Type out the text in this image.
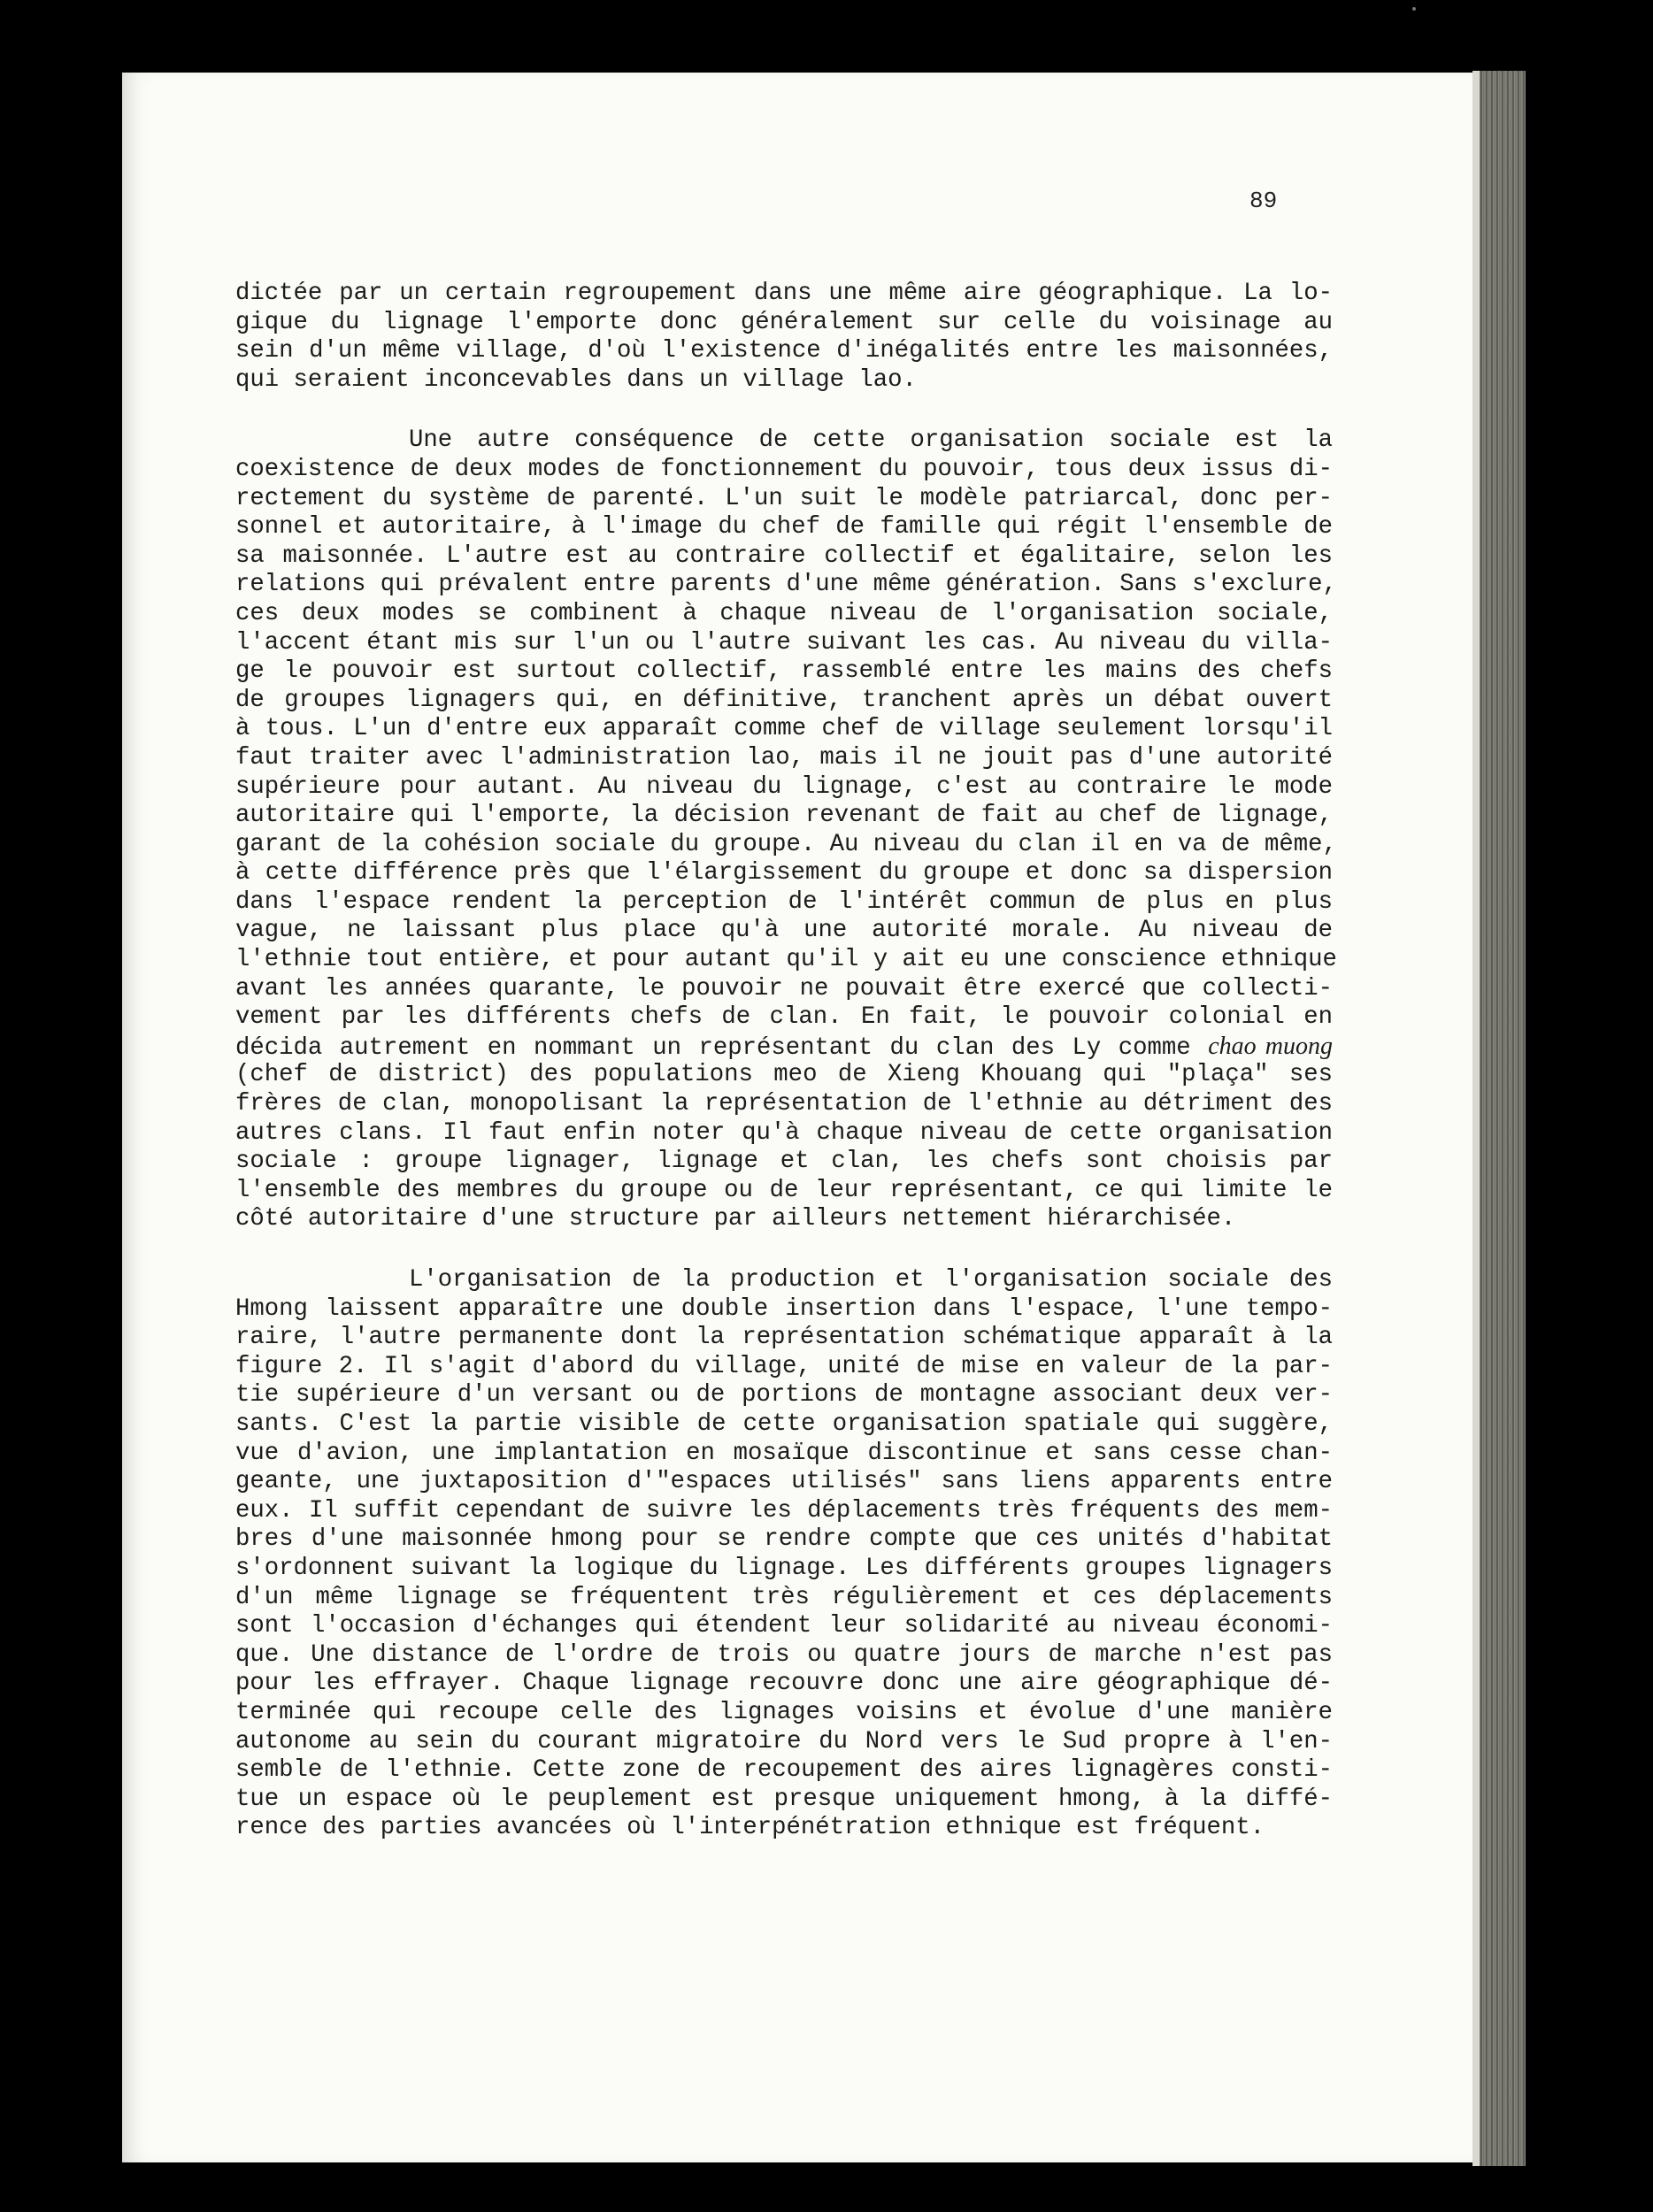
89
dictée par un certain regroupement dans une même aire géographique. La lo-
gique du lignage l'emporte donc généralement sur celle du voisinage au
sein d'un même village, d'où l'existence d'inégalités entre les maisonnées,
qui seraient inconcevables dans un village lao.
Une autre conséquence de cette organisation sociale est la
coexistence de deux modes de fonctionnement du pouvoir, tous deux issus di-
rectement du système de parenté. L'un suit le modèle patriarcal, donc per-
sonnel et autoritaire, à l'image du chef de famille qui régit l'ensemble de
sa maisonnée. L'autre est au contraire collectif et égalitaire, selon les
relations qui prévalent entre parents d'une même génération. Sans s'exclure,
ces deux modes se combinent à chaque niveau de l'organisation sociale,
l'accent étant mis sur l'un ou l'autre suivant les cas. Au niveau du villa-
ge le pouvoir est surtout collectif, rassemblé entre les mains des chefs
de groupes lignagers qui, en définitive, tranchent après un débat ouvert
à tous. L'un d'entre eux apparaît comme chef de village seulement lorsqu'il
faut traiter avec l'administration lao, mais il ne jouit pas d'une autorité
supérieure pour autant. Au niveau du lignage, c'est au contraire le mode
autoritaire qui l'emporte, la décision revenant de fait au chef de lignage,
garant de la cohésion sociale du groupe. Au niveau du clan il en va de même,
à cette différence près que l'élargissement du groupe et donc sa dispersion
dans l'espace rendent la perception de l'intérêt commun de plus en plus
vague, ne laissant plus place qu'à une autorité morale. Au niveau de
l'ethnie tout entière, et pour autant qu'il y ait eu une conscience ethnique
avant les années quarante, le pouvoir ne pouvait être exercé que collecti-
vement par les différents chefs de clan. En fait, le pouvoir colonial en
décida autrement en nommant un représentant du clan des Ly comme chao muong
(chef de district) des populations meo de Xieng Khouang qui "plaça" ses
frères de clan, monopolisant la représentation de l'ethnie au détriment des
autres clans. Il faut enfin noter qu'à chaque niveau de cette organisation
sociale : groupe lignager, lignage et clan, les chefs sont choisis par
l'ensemble des membres du groupe ou de leur représentant, ce qui limite le
côté autoritaire d'une structure par ailleurs nettement hiérarchisée.
L'organisation de la production et l'organisation sociale des
Hmong laissent apparaître une double insertion dans l'espace, l'une tempo-
raire, l'autre permanente dont la représentation schématique apparaît à la
figure 2. Il s'agit d'abord du village, unité de mise en valeur de la par-
tie supérieure d'un versant ou de portions de montagne associant deux ver-
sants. C'est la partie visible de cette organisation spatiale qui suggère,
vue d'avion, une implantation en mosaïque discontinue et sans cesse chan-
geante, une juxtaposition d'"espaces utilisés" sans liens apparents entre
eux. Il suffit cependant de suivre les déplacements très fréquents des mem-
bres d'une maisonnée hmong pour se rendre compte que ces unités d'habitat
s'ordonnent suivant la logique du lignage. Les différents groupes lignagers
d'un même lignage se fréquentent très régulièrement et ces déplacements
sont l'occasion d'échanges qui étendent leur solidarité au niveau économi-
que. Une distance de l'ordre de trois ou quatre jours de marche n'est pas
pour les effrayer. Chaque lignage recouvre donc une aire géographique dé-
terminée qui recoupe celle des lignages voisins et évolue d'une manière
autonome au sein du courant migratoire du Nord vers le Sud propre à l'en-
semble de l'ethnie. Cette zone de recoupement des aires lignagères consti-
tue un espace où le peuplement est presque uniquement hmong, à la diffé-
rence des parties avancées où l'interpénétration ethnique est fréquent.
